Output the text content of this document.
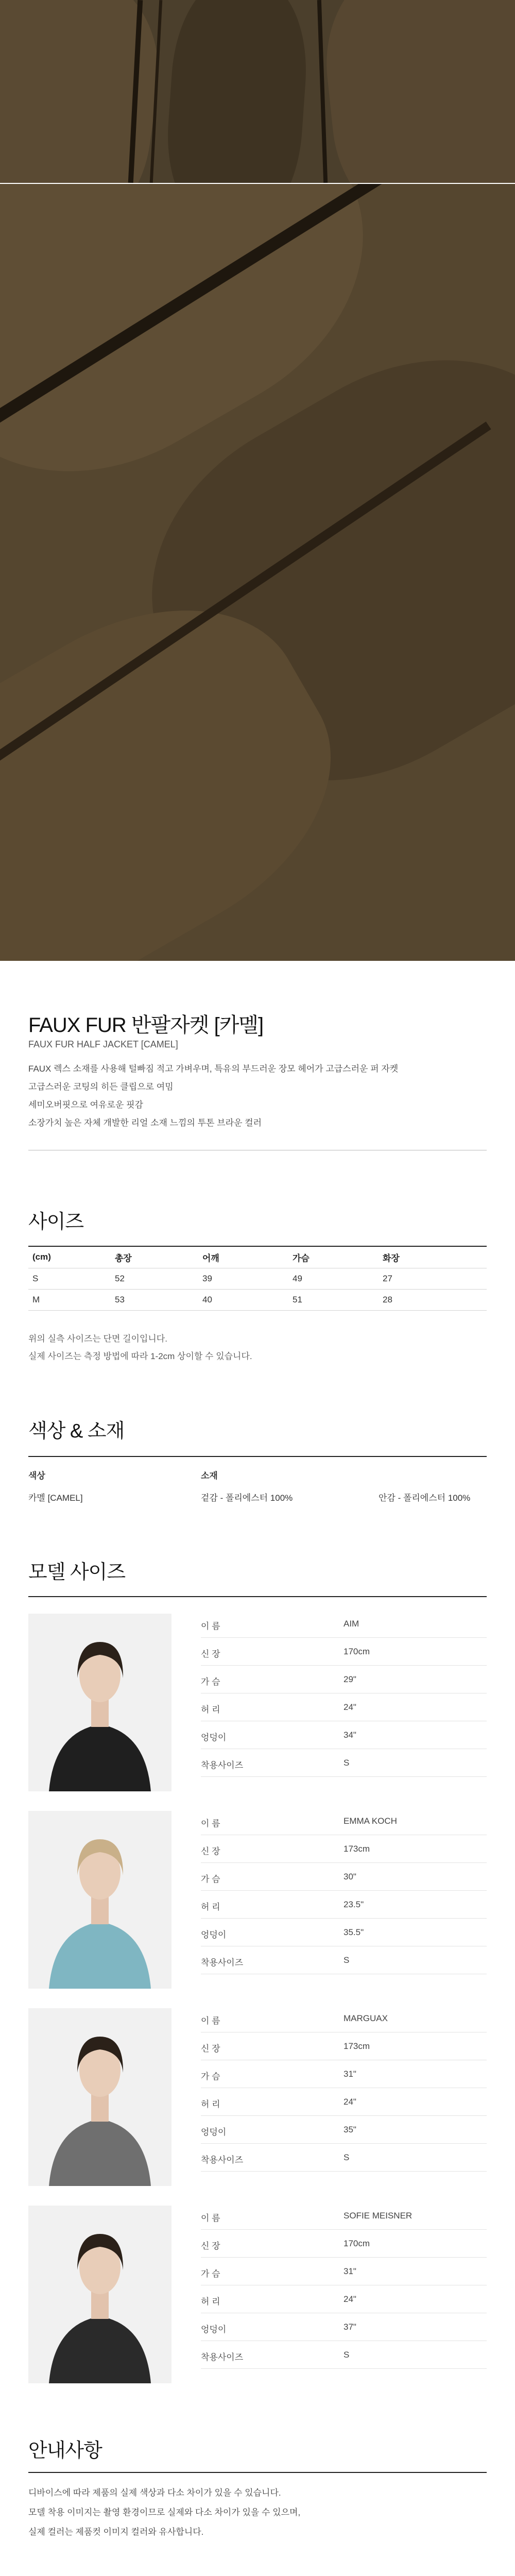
FAUX FUR 반팔자켓 [카멜]
FAUX FUR HALF JACKET [CAMEL]

FAUX 렉스 소재를 사용해 털빠짐 적고 가벼우며, 특유의 부드러운 장모 헤어가 고급스러운 퍼 자켓

고급스러운 코팅의 히든 클립으로 여밈

세미오버핏으로 여유로운 핏감

소장가치 높은 자체 개발한 리얼 소재 느낌의 투톤 브라운 컬러

사이즈
(cm)	총장	어깨	가슴	화장
S	52	39	49	27
M	53	40	51	28
위의 실측 사이즈는 단면 길이입니다.
실제 사이즈는 측정 방법에 따라 1-2cm 상이할 수 있습니다.
색상 & 소재
색상	소재
카멜 [CAMEL]	겉감 - 폴리에스터 100%	안감 - 폴리에스터 100%
모델 사이즈
이 름	AIM
신 장	170cm
가 슴	29"
허 리	24"
엉덩이	34"
착용사이즈	S
이 름	EMMA KOCH
신 장	173cm
가 슴	30"
허 리	23.5"
엉덩이	35.5"
착용사이즈	S
이 름	MARGUAX
신 장	173cm
가 슴	31"
허 리	24"
엉덩이	35"
착용사이즈	S
이 름	SOFIE MEISNER
신 장	170cm
가 슴	31"
허 리	24"
엉덩이	37"
착용사이즈	S
안내사항
디바이스에 따라 제품의 실제 색상과 다소 차이가 있을 수 있습니다.
모델 착용 이미지는 촬영 환경이므로 실제와 다소 차이가 있을 수 있으며,
실제 컬러는 제품컷 이미지 컬러와 유사합니다.
